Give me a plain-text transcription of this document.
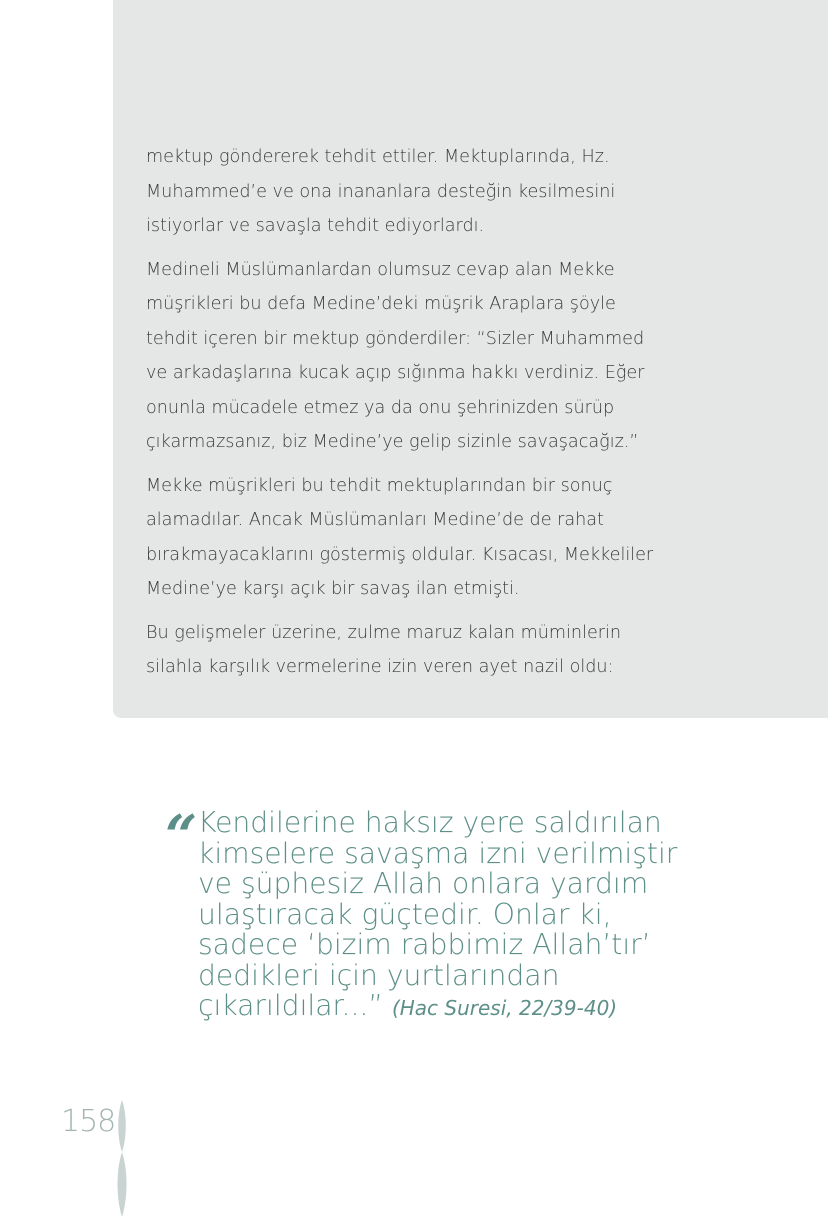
mektup göndererek tehdit ettiler. Mektuplarında, Hz.
Muhammed’e ve ona inananlara desteğin kesilmesini
istiyorlar ve savaşla tehdit ediyorlardı.

Medineli Müslümanlardan olumsuz cevap alan Mekke
müşrikleri bu defa Medine’deki müşrik Araplara şöyle
tehdit içeren bir mektup gönderdiler: “Sizler Muhammed
ve arkadaşlarına kucak açıp sığınma hakkı verdiniz. Eğer
onunla mücadele etmez ya da onu şehrinizden sürüp
çıkarmazsanız, biz Medine’ye gelip sizinle savaşacağız.”

Mekke müşrikleri bu tehdit mektuplarından bir sonuç
alamadılar. Ancak Müslümanları Medine’de de rahat
bırakmayacaklarını göstermiş oldular. Kısacası, Mekkeliler
Medine’ye karşı açık bir savaş ilan etmişti.

Bu gelişmeler üzerine, zulme maruz kalan müminlerin
silahla karşılık vermelerine izin veren ayet nazil oldu:

“ Kendilerine haksız yere saldırılan
kimselere savaşma izni verilmiştir
ve şüphesiz Allah onlara yardım
ulaştıracak güçtedir. Onlar ki,
sadece ‘bizim rabbimiz Allah’tır’
dedikleri için yurtlarından
çıkarıldılar...” (Hac Suresi, 22/39-40)
158
